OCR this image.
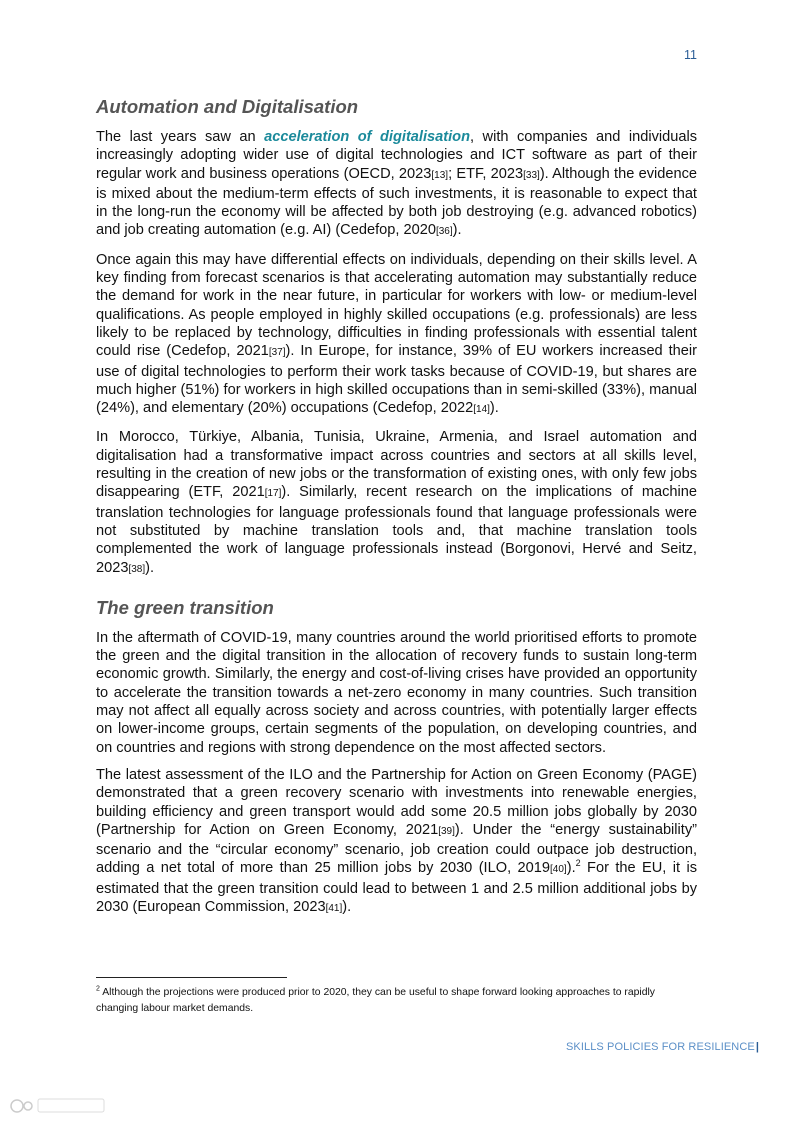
11
Automation and Digitalisation

The last years saw an acceleration of digitalisation, with companies and individuals increasingly adopting wider use of digital technologies and ICT software as part of their regular work and business operations (OECD, 2023[13]; ETF, 2023[33]). Although the evidence is mixed about the medium-term effects of such investments, it is reasonable to expect that in the long-run the economy will be affected by both job destroying (e.g. advanced robotics) and job creating automation (e.g. AI) (Cedefop, 2020[36]).

Once again this may have differential effects on individuals, depending on their skills level. A key finding from forecast scenarios is that accelerating automation may substantially reduce the demand for work in the near future, in particular for workers with low- or medium-level qualifications. As people employed in highly skilled occupations (e.g. professionals) are less likely to be replaced by technology, difficulties in finding professionals with essential talent could rise (Cedefop, 2021[37]). In Europe, for instance, 39% of EU workers increased their use of digital technologies to perform their work tasks because of COVID-19, but shares are much higher (51%) for workers in high skilled occupations than in semi-skilled (33%), manual (24%), and elementary (20%) occupations (Cedefop, 2022[14]).

In Morocco, Türkiye, Albania, Tunisia, Ukraine, Armenia, and Israel automation and digitalisation had a transformative impact across countries and sectors at all skills level, resulting in the creation of new jobs or the transformation of existing ones, with only few jobs disappearing (ETF, 2021[17]). Similarly, recent research on the implications of machine translation technologies for language professionals found that language professionals were not substituted by machine translation tools and, that machine translation tools complemented the work of language professionals instead (Borgonovi, Hervé and Seitz, 2023[38]).

The green transition

In the aftermath of COVID-19, many countries around the world prioritised efforts to promote the green and the digital transition in the allocation of recovery funds to sustain long-term economic growth. Similarly, the energy and cost-of-living crises have provided an opportunity to accelerate the transition towards a net-zero economy in many countries. Such transition may not affect all equally across society and across countries, with potentially larger effects on lower-income groups, certain segments of the population, on developing countries, and on countries and regions with strong dependence on the most affected sectors.

The latest assessment of the ILO and the Partnership for Action on Green Economy (PAGE) demonstrated that a green recovery scenario with investments into renewable energies, building efficiency and green transport would add some 20.5 million jobs globally by 2030 (Partnership for Action on Green Economy, 2021[39]). Under the “energy sustainability” scenario and the “circular economy” scenario, job creation could outpace job destruction, adding a net total of more than 25 million jobs by 2030 (ILO, 2019[40]).$^2$ For the EU, it is estimated that the green transition could lead to between 1 and 2.5 million additional jobs by 2030 (European Commission, 2023[41]).

$^2$ Although the projections were produced prior to 2020, they can be useful to shape forward looking approaches to rapidly changing labour market demands.
SKILLS POLICIES FOR RESILIENCE|
